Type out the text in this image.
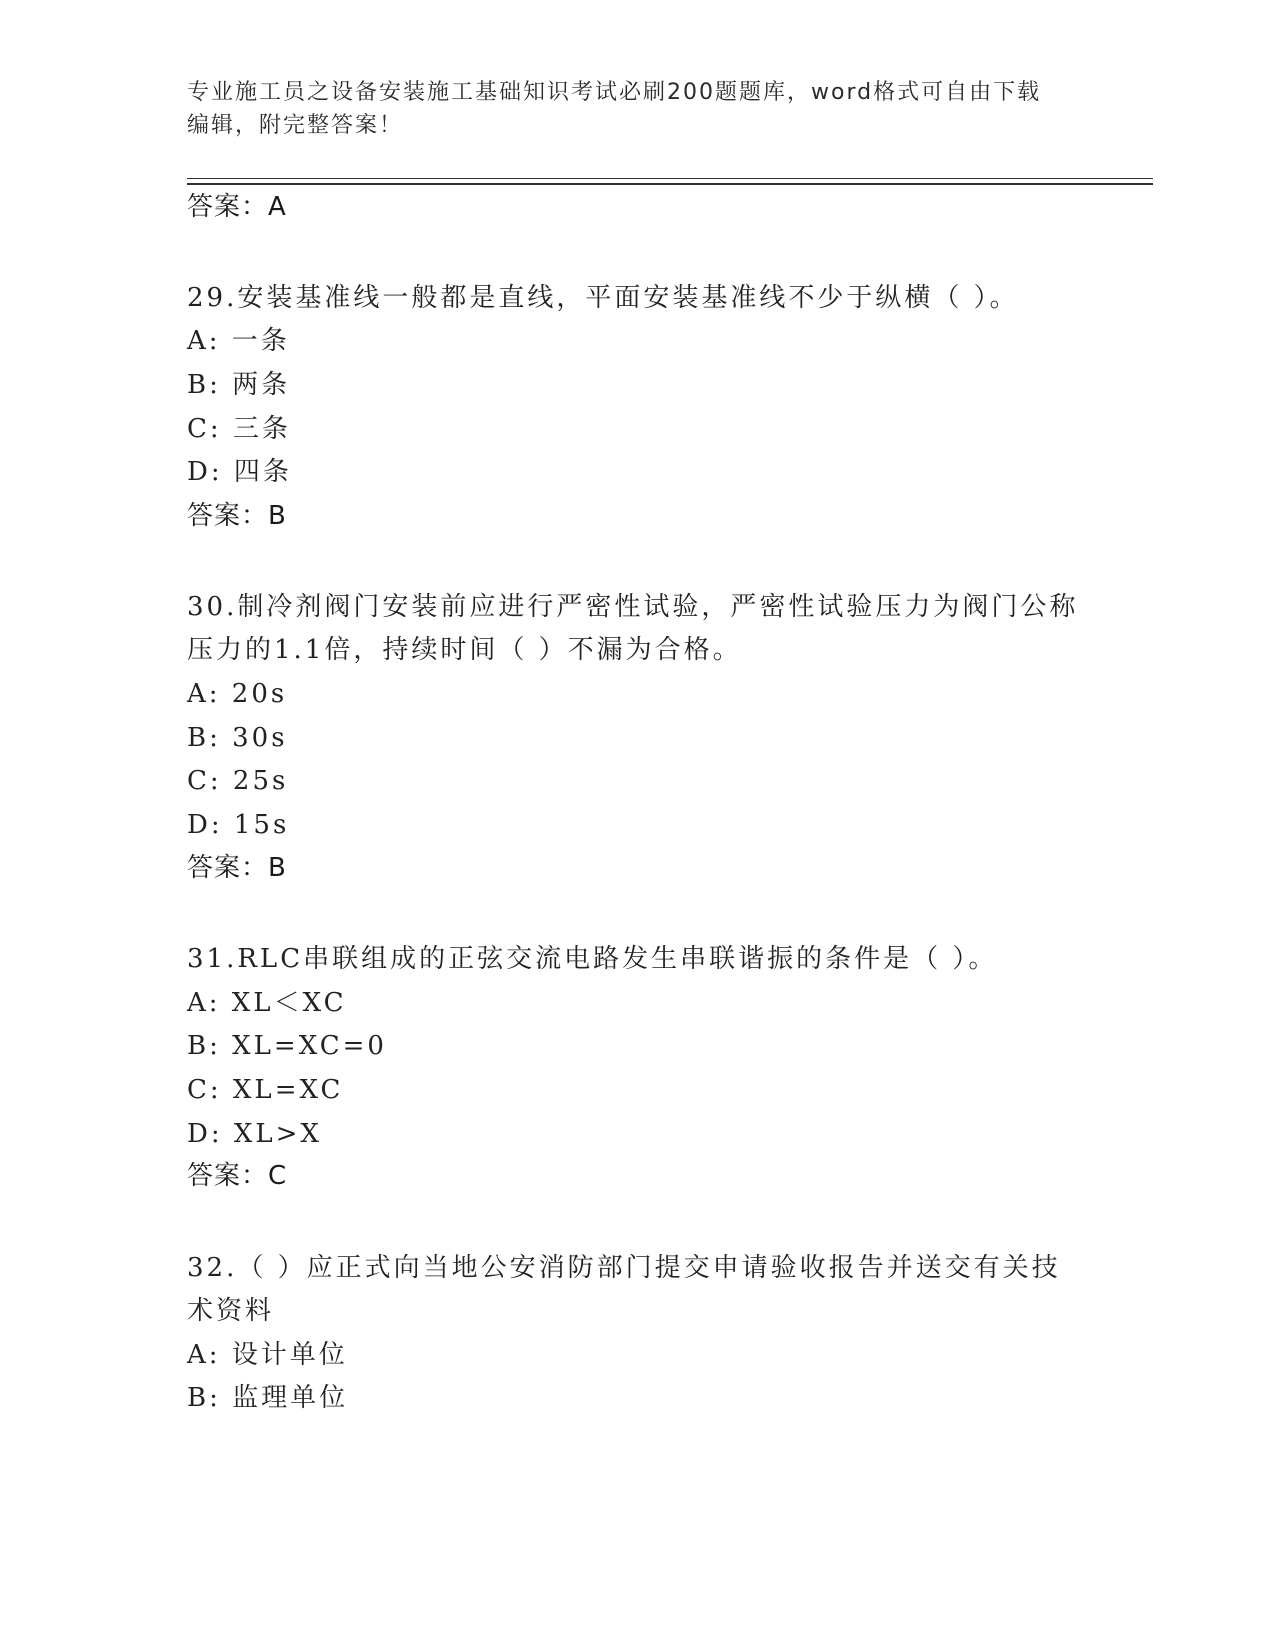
专业施工员之设备安装施工基础知识考试必刷200题题库，word格式可自由下载
编辑，附完整答案！
答案：A
29.安装基准线一般都是直线，平面安装基准线不少于纵横（ ）。
A: 一条
B: 两条
C: 三条
D: 四条
答案：B
30.制冷剂阀门安装前应进行严密性试验，严密性试验压力为阀门公称
压力的1.1倍，持续时间（ ）不漏为合格。
A: 20s
B: 30s
C: 25s
D: 15s
答案：B
31.RLC串联组成的正弦交流电路发生串联谐振的条件是（ ）。
A: XL＜XC
B: XL=XC=0
C: XL=XC
D: XL>X
答案：C
32.（ ）应正式向当地公安消防部门提交申请验收报告并送交有关技
术资料
A: 设计单位
B: 监理单位
